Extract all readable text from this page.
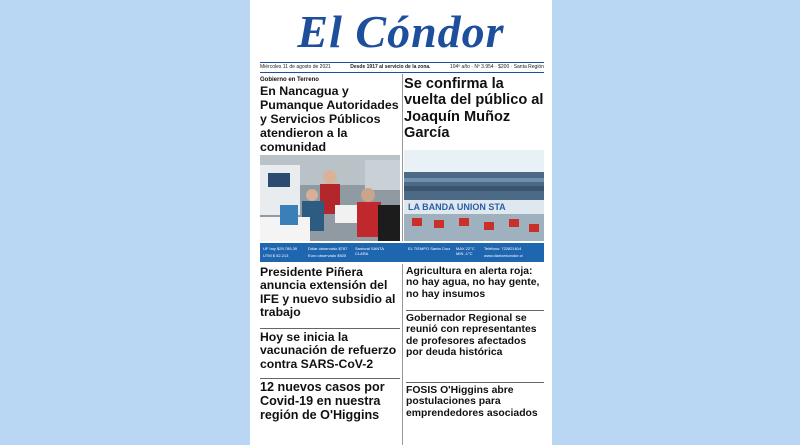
El Cóndor
Miércoles 11 de agosto de 2021	Desde 1917 al servicio de la zona.	104º año · Nº 3.954 · $200 · Santa Región
Gobierno en Terreno
En Nancagua y Pumanque Autoridades y Servicios Públicos atendieron a la comunidad
Se confirma la vuelta del público al Joaquín Muñoz García
LA BANDA UNION STA
UF hoy $29.789,39
UTM $ 52.213
Dólar observado $787
Euro observado $925
Santoral SANTA CLARA
EL TIEMPO Santa Cruz MAX 22°C MIN -1°C
Teléfono: 722821614
www.diarioelcondor.cl
Presidente Piñera anuncia extensión del IFE y nuevo subsidio al trabajo
Hoy se inicia la vacunación de refuerzo contra SARS-CoV-2
12 nuevos casos por Covid-19 en nuestra región de O'Higgins
Agricultura en alerta roja: no hay agua, no hay gente, no hay insumos
Gobernador Regional se reunió con representantes de profesores afectados por deuda histórica
FOSIS O'Higgins abre postulaciones para emprendedores asociados
